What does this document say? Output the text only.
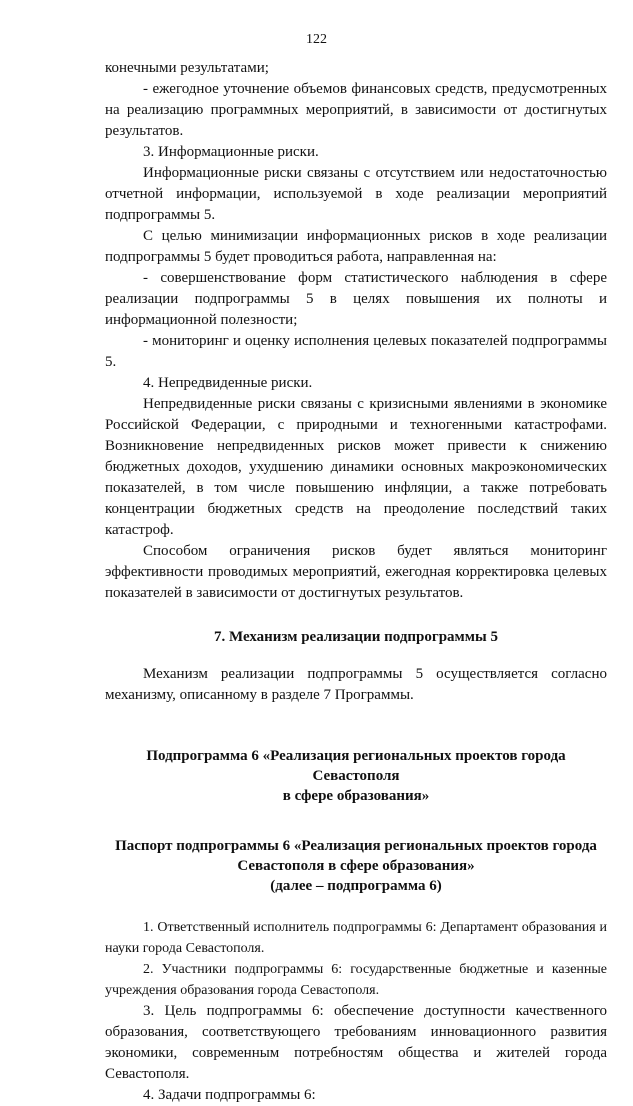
122

конечными результатами;

- ежегодное уточнение объемов финансовых средств, предусмотренных на реализацию программных мероприятий, в зависимости от достигнутых результатов.

3. Информационные риски.

Информационные риски связаны с отсутствием или недостаточностью отчетной информации, используемой в ходе реализации мероприятий подпрограммы 5.

С целью минимизации информационных рисков в ходе реализации подпрограммы 5 будет проводиться работа, направленная на:

- совершенствование форм статистического наблюдения в сфере реализации подпрограммы 5 в целях повышения их полноты и информационной полезности;

- мониторинг и оценку исполнения целевых показателей подпрограммы 5.

4. Непредвиденные риски.

Непредвиденные риски связаны с кризисными явлениями в экономике Российской Федерации, с природными и техногенными катастрофами. Возникновение непредвиденных рисков может привести к снижению бюджетных доходов, ухудшению динамики основных макроэкономических показателей, в том числе повышению инфляции, а также потребовать концентрации бюджетных средств на преодоление последствий таких катастроф.

Способом ограничения рисков будет являться мониторинг эффективности проводимых мероприятий, ежегодная корректировка целевых показателей в зависимости от достигнутых результатов.

7. Механизм реализации подпрограммы 5

Механизм реализации подпрограммы 5 осуществляется согласно механизму, описанному в разделе 7 Программы.

Подпрограмма 6 «Реализация региональных проектов города Севастополя
в сфере образования»
Паспорт подпрограммы 6 «Реализация региональных проектов города
Севастополя в сфере образования»
(далее – подпрограмма 6)

1. Ответственный исполнитель подпрограммы 6: Департамент образования и науки города Севастополя.

2. Участники подпрограммы 6: государственные бюджетные и казенные учреждения образования города Севастополя.

3. Цель подпрограммы 6: обеспечение доступности качественного образования, соответствующего требованиям инновационного развития экономики, современным потребностям общества и жителей города Севастополя.

4. Задачи подпрограммы 6:
